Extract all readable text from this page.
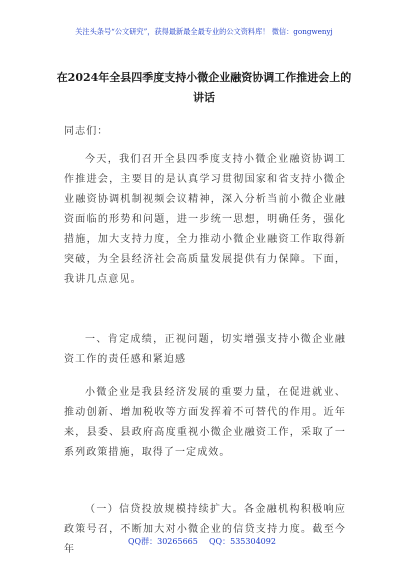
关注头条号“公文研究”，获得最新最全最专业的公文资料库！ 微信：gongwenyj
在2024年全县四季度支持小微企业融资协调工作推进会上的讲话
同志们：
今天，我们召开全县四季度支持小微企业融资协调工作推进会，主要目的是认真学习贯彻国家和省支持小微企业融资协调机制视频会议精神，深入分析当前小微企业融资面临的形势和问题，进一步统一思想，明确任务，强化措施，加大支持力度，全力推动小微企业融资工作取得新突破，为全县经济社会高质量发展提供有力保障。下面，我讲几点意见。
一、肯定成绩，正视问题，切实增强支持小微企业融资工作的责任感和紧迫感
小微企业是我县经济发展的重要力量，在促进就业、推动创新、增加税收等方面发挥着不可替代的作用。近年来，县委、县政府高度重视小微企业融资工作，采取了一系列政策措施，取得了一定成效。
（一）信贷投放规模持续扩大。各金融机构积极响应政策号召，不断加大对小微企业的信贷支持力度。截至今年
QQ群：30265665 QQ：535304092
